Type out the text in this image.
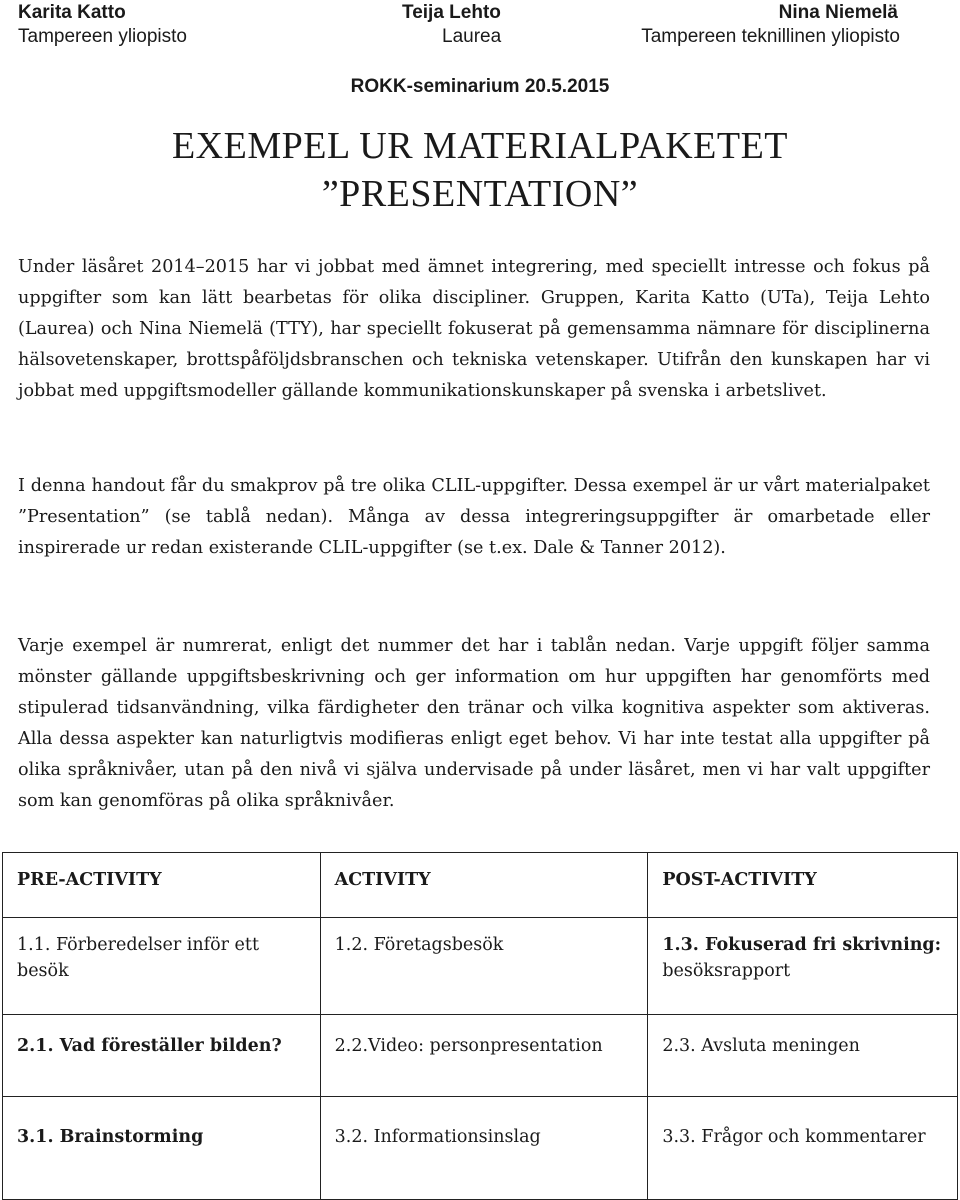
Karita Katto	Teija Lehto	Nina Niemelä
Tampereen yliopisto	Laurea	Tampereen teknillinen yliopisto
ROKK-seminarium 20.5.2015
EXEMPEL UR MATERIALPAKETET
”PRESENTATION”

Under läsåret 2014–2015 har vi jobbat med ämnet integrering, med speciellt intresse och fokus på uppgifter som kan lätt bearbetas för olika discipliner. Gruppen, Karita Katto (UTa), Teija Lehto (Laurea) och Nina Niemelä (TTY), har speciellt fokuserat på gemensamma nämnare för disciplinerna hälsovetenskaper, brottspåföljdsbranschen och tekniska vetenskaper. Utifrån den kunskapen har vi jobbat med uppgiftsmodeller gällande kommunikationskunskaper på svenska i arbetslivet.

I denna handout får du smakprov på tre olika CLIL-uppgifter. Dessa exempel är ur vårt materialpaket ”Presentation” (se tablå nedan). Många av dessa integreringsuppgifter är omarbetade eller inspirerade ur redan existerande CLIL-uppgifter (se t.ex. Dale & Tanner 2012).

Varje exempel är numrerat, enligt det nummer det har i tablån nedan. Varje uppgift följer samma mönster gällande uppgiftsbeskrivning och ger information om hur uppgiften har genomförts med stipulerad tidsanvändning, vilka färdigheter den tränar och vilka kognitiva aspekter som aktiveras. Alla dessa aspekter kan naturligtvis modifieras enligt eget behov. Vi har inte testat alla uppgifter på olika språknivåer, utan på den nivå vi själva undervisade på under läsåret, men vi har valt uppgifter som kan genomföras på olika språknivåer.

PRE-ACTIVITY	ACTIVITY	POST-ACTIVITY
1.1. Förberedelser inför ett besök	1.2. Företagsbesök	1.3. Fokuserad fri skrivning: besöksrapport
2.1. Vad föreställer bilden?	2.2.Video: personpresentation	2.3. Avsluta meningen
3.1. Brainstorming	3.2. Informationsinslag	3.3. Frågor och kommentarer
